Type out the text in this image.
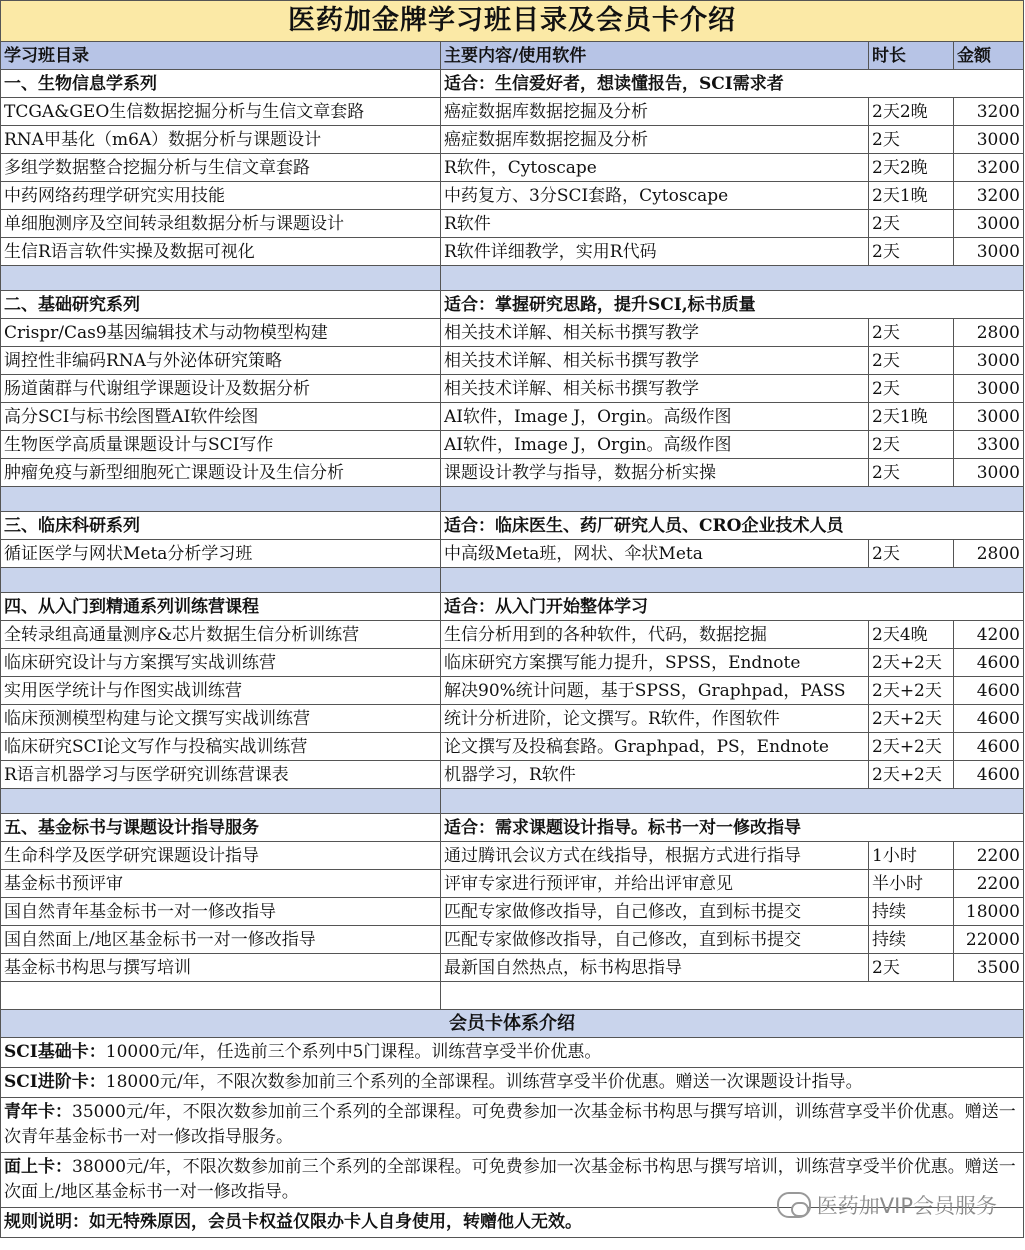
医药加金牌学习班目录及会员卡介绍			
学习班目录	主要内容/使用软件	时长	金额
一、生物信息学系列	适合：生信爱好者，想读懂报告，SCI需求者		
TCGA&GEO生信数据挖掘分析与生信文章套路	癌症数据库数据挖掘及分析	2天2晚	3200
RNA甲基化（m6A）数据分析与课题设计	癌症数据库数据挖掘及分析	2天	3000
多组学数据整合挖掘分析与生信文章套路	R软件，Cytoscape	2天2晚	3200
中药网络药理学研究实用技能	中药复方、3分SCI套路，Cytoscape	2天1晚	3200
单细胞测序及空间转录组数据分析与课题设计	R软件	2天	3000
生信R语言软件实操及数据可视化	R软件详细教学，实用R代码	2天	3000

二、基础研究系列	适合：掌握研究思路，提升SCI,标书质量		
Crispr/Cas9基因编辑技术与动物模型构建	相关技术详解、相关标书撰写教学	2天	2800
调控性非编码RNA与外泌体研究策略	相关技术详解、相关标书撰写教学	2天	3000
肠道菌群与代谢组学课题设计及数据分析	相关技术详解、相关标书撰写教学	2天	3000
高分SCI与标书绘图暨AI软件绘图	AI软件，Image J，Orgin。高级作图	2天1晚	3000
生物医学高质量课题设计与SCI写作	AI软件，Image J，Orgin。高级作图	2天	3300
肿瘤免疫与新型细胞死亡课题设计及生信分析	课题设计教学与指导，数据分析实操	2天	3000

三、临床科研系列	适合：临床医生、药厂研究人员、CRO企业技术人员		
循证医学与网状Meta分析学习班	中高级Meta班，网状、伞状Meta	2天	2800

四、从入门到精通系列训练营课程	适合：从入门开始整体学习		
全转录组高通量测序&芯片数据生信分析训练营	生信分析用到的各种软件，代码，数据挖掘	2天4晚	4200
临床研究设计与方案撰写实战训练营	临床研究方案撰写能力提升，SPSS，Endnote	2天+2天	4600
实用医学统计与作图实战训练营	解决90%统计问题，基于SPSS，Graphpad，PASS	2天+2天	4600
临床预测模型构建与论文撰写实战训练营	统计分析进阶，论文撰写。R软件，作图软件	2天+2天	4600
临床研究SCI论文写作与投稿实战训练营	论文撰写及投稿套路。Graphpad，PS，Endnote	2天+2天	4600
R语言机器学习与医学研究训练营课表	机器学习，R软件	2天+2天	4600

五、基金标书与课题设计指导服务	适合：需求课题设计指导。标书一对一修改指导		
生命科学及医学研究课题设计指导	通过腾讯会议方式在线指导，根据方式进行指导	1小时	2200
基金标书预评审	评审专家进行预评审，并给出评审意见	半小时	2200
国自然青年基金标书一对一修改指导	匹配专家做修改指导，自己修改，直到标书提交	持续	18000
国自然面上/地区基金标书一对一修改指导	匹配专家做修改指导，自己修改，直到标书提交	持续	22000
基金标书构思与撰写培训	最新国自然热点，标书构思指导	2天	3500

会员卡体系介绍			
SCI基础卡：10000元/年，任选前三个系列中5门课程。训练营享受半价优惠。			
SCI进阶卡：18000元/年，不限次数参加前三个系列的全部课程。训练营享受半价优惠。赠送一次课题设计指导。			
青年卡：35000元/年，不限次数参加前三个系列的全部课程。可免费参加一次基金标书构思与撰写培训，训练营享受半价优惠。赠送一次青年基金标书一对一修改指导服务。			
面上卡：38000元/年，不限次数参加前三个系列的全部课程。可免费参加一次基金标书构思与撰写培训，训练营享受半价优惠。赠送一次面上/地区基金标书一对一修改指导。			
规则说明：如无特殊原因，会员卡权益仅限办卡人自身使用，转赠他人无效。			
医药加VIP会员服务
